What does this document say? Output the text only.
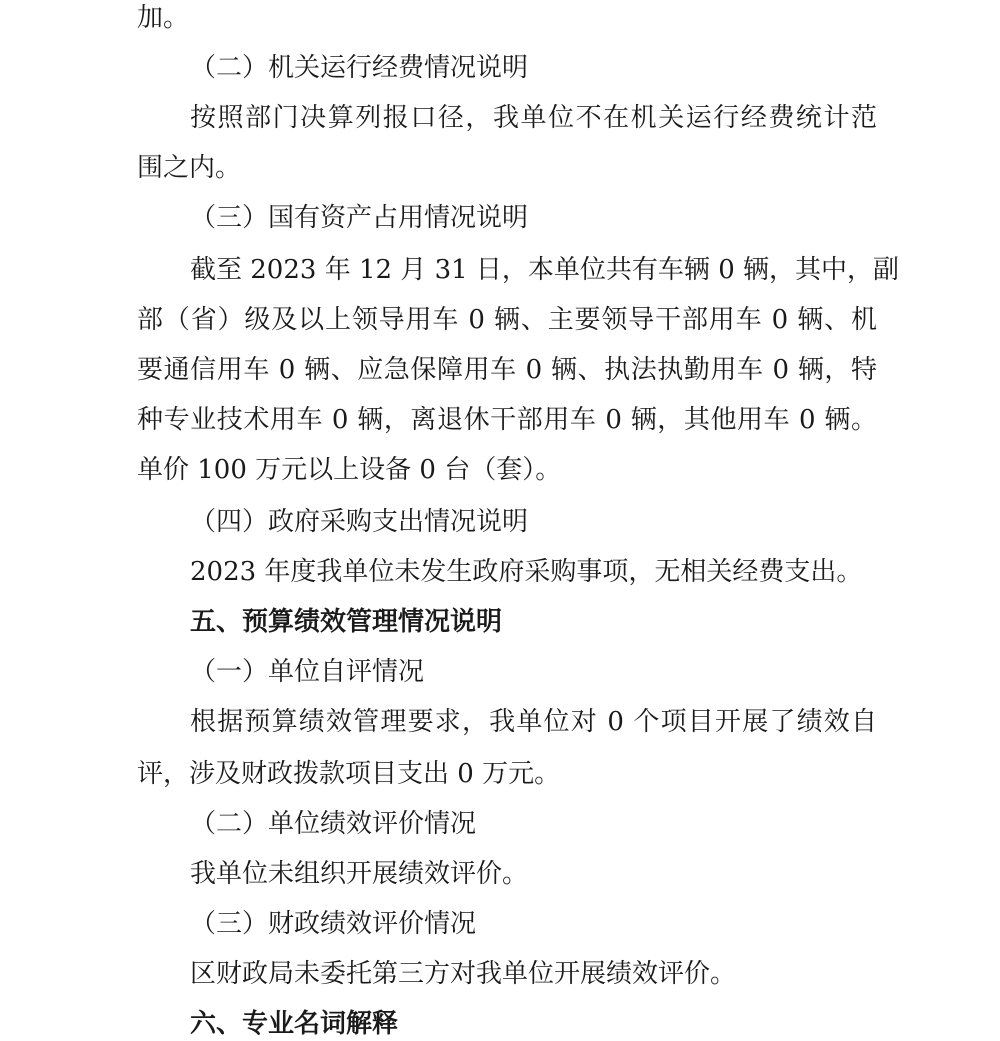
加。
（二）机关运行经费情况说明
按照部门决算列报口径，我单位不在机关运行经费统计范
围之内。
（三）国有资产占用情况说明
截至 2023 年 12 月 31 日，本单位共有车辆 0 辆，其中，副
部（省）级及以上领导用车 0 辆、主要领导干部用车 0 辆、机
要通信用车 0 辆、应急保障用车 0 辆、执法执勤用车 0 辆，特
种专业技术用车 0 辆，离退休干部用车 0 辆，其他用车 0 辆。
单价 100 万元以上设备 0 台（套）。
（四）政府采购支出情况说明
2023 年度我单位未发生政府采购事项，无相关经费支出。
五、预算绩效管理情况说明
（一）单位自评情况
根据预算绩效管理要求，我单位对 0 个项目开展了绩效自
评，涉及财政拨款项目支出 0 万元。
（二）单位绩效评价情况
我单位未组织开展绩效评价。
（三）财政绩效评价情况
区财政局未委托第三方对我单位开展绩效评价。
六、专业名词解释
